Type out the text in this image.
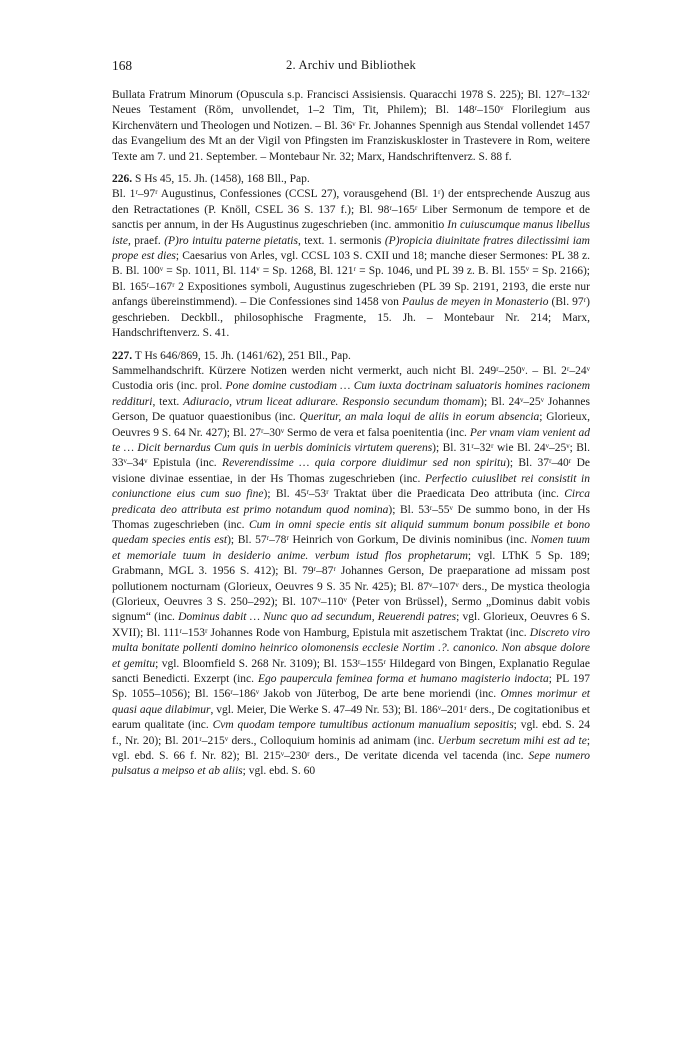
168	2. Archiv und Bibliothek

Bullata Fratrum Minorum (Opuscula s.p. Francisci Assisiensis. Quaracchi 1978 S. 225); Bl. 127ʳ–132ʳ Neues Testament (Röm, unvollendet, 1–2 Tim, Tit, Philem); Bl. 148ʳ–150ᵛ Florilegium aus Kirchenvätern und Theologen und Notizen. – Bl. 36ᵛ Fr. Johannes Spennigh aus Stendal vollendet 1457 das Evangelium des Mt an der Vigil von Pfingsten im Franziskuskloster in Trastevere in Rom, weitere Texte am 7. und 21. September. – Montebaur Nr. 32; Marx, Handschriftenverz. S. 88 f.

226. S Hs 45, 15. Jh. (1458), 168 Bll., Pap.

Bl. 1ʳ–97ʳ Augustinus, Confessiones (CCSL 27), vorausgehend (Bl. 1ʳ) der entsprechende Auszug aus den Retractationes (P. Knöll, CSEL 36 S. 137 f.); Bl. 98ʳ–165ʳ Liber Sermonum de tempore et de sanctis per annum, in der Hs Augustinus zugeschrieben (inc. ammonitio In cuiuscumque manus libellus iste, praef. (P)ro intuitu paterne pietatis, text. 1. sermonis (P)ropicia diuinitate fratres dilectissimi iam prope est dies; Caesarius von Arles, vgl. CCSL 103 S. CXII und 18; manche dieser Sermones: PL 38 z. B. Bl. 100ᵛ = Sp. 1011, Bl. 114ᵛ = Sp. 1268, Bl. 121ʳ = Sp. 1046, und PL 39 z. B. Bl. 155ᵛ = Sp. 2166); Bl. 165ʳ–167ʳ 2 Expositiones symboli, Augustinus zugeschrieben (PL 39 Sp. 2191, 2193, die erste nur anfangs übereinstimmend). – Die Confessiones sind 1458 von Paulus de meyen in Monasterio (Bl. 97ʳ) geschrieben. Deckbll., philosophische Fragmente, 15. Jh. – Montebaur Nr. 214; Marx, Handschriftenverz. S. 41.

227. T Hs 646/869, 15. Jh. (1461/62), 251 Bll., Pap.

Sammelhandschrift. Kürzere Notizen werden nicht vermerkt, auch nicht Bl. 249ʳ–250ᵛ. – Bl. 2ʳ–24ᵛ Custodia oris (inc. prol. Pone domine custodiam … Cum iuxta doctrinam saluatoris homines racionem reddituri, text. Adiuracio, vtrum liceat adiurare. Responsio secundum thomam); Bl. 24ᵛ–25ᵛ Johannes Gerson, De quatuor quaestionibus (inc. Queritur, an mala loqui de aliis in eorum absencia; Glorieux, Oeuvres 9 S. 64 Nr. 427); Bl. 27ʳ–30ᵛ Sermo de vera et falsa poenitentia (inc. Per vnam viam venient ad te … Dicit bernardus Cum quis in uerbis dominicis virtutem querens); Bl. 31ʳ–32ʳ wie Bl. 24ᵛ–25ᵛ; Bl. 33ᵛ–34ᵛ Epistula (inc. Reverendissime … quia corpore diuidimur sed non spiritu); Bl. 37ʳ–40ʳ De visione divinae essentiae, in der Hs Thomas zugeschrieben (inc. Perfectio cuiuslibet rei consistit in coniunctione eius cum suo fine); Bl. 45ʳ–53ʳ Traktat über die Praedicata Deo attributa (inc. Circa predicata deo attributa est primo notandum quod nomina); Bl. 53ʳ–55ᵛ De summo bono, in der Hs Thomas zugeschrieben (inc. Cum in omni specie entis sit aliquid summum bonum possibile et bono quedam species entis est); Bl. 57ʳ–78ʳ Heinrich von Gorkum, De divinis nominibus (inc. Nomen tuum et memoriale tuum in desiderio anime. verbum istud flos prophetarum; vgl. LThK 5 Sp. 189; Grabmann, MGL 3. 1956 S. 412); Bl. 79ʳ–87ʳ Johannes Gerson, De praeparatione ad missam post pollutionem nocturnam (Glorieux, Oeuvres 9 S. 35 Nr. 425); Bl. 87ᵛ–107ᵛ ders., De mystica theologia (Glorieux, Oeuvres 3 S. 250–292); Bl. 107ᵛ–110ᵛ ⟨Peter von Brüssel⟩, Sermo „Dominus dabit vobis signum“ (inc. Dominus dabit … Nunc quo ad secundum, Reuerendi patres; vgl. Glorieux, Oeuvres 6 S. XVII); Bl. 111ʳ–153ʳ Johannes Rode von Hamburg, Epistula mit aszetischem Traktat (inc. Discreto viro multa bonitate pollenti domino heinrico olomonensis ecclesie Nortim .?. canonico. Non absque dolore et gemitu; vgl. Bloomfield S. 268 Nr. 3109); Bl. 153ʳ–155ʳ Hildegard von Bingen, Explanatio Regulae sancti Benedicti. Exzerpt (inc. Ego paupercula feminea forma et humano magisterio indocta; PL 197 Sp. 1055–1056); Bl. 156ʳ–186ᵛ Jakob von Jüterbog, De arte bene moriendi (inc. Omnes morimur et quasi aque dilabimur, vgl. Meier, Die Werke S. 47–49 Nr. 53); Bl. 186ᵛ–201ʳ ders., De cogitationibus et earum qualitate (inc. Cvm quodam tempore tumultibus actionum manualium sepositis; vgl. ebd. S. 24 f., Nr. 20); Bl. 201ʳ–215ᵛ ders., Colloquium hominis ad animam (inc. Uerbum secretum mihi est ad te; vgl. ebd. S. 66 f. Nr. 82); Bl. 215ᵛ–230ʳ ders., De veritate dicenda vel tacenda (inc. Sepe numero pulsatus a meipso et ab aliis; vgl. ebd. S. 60
